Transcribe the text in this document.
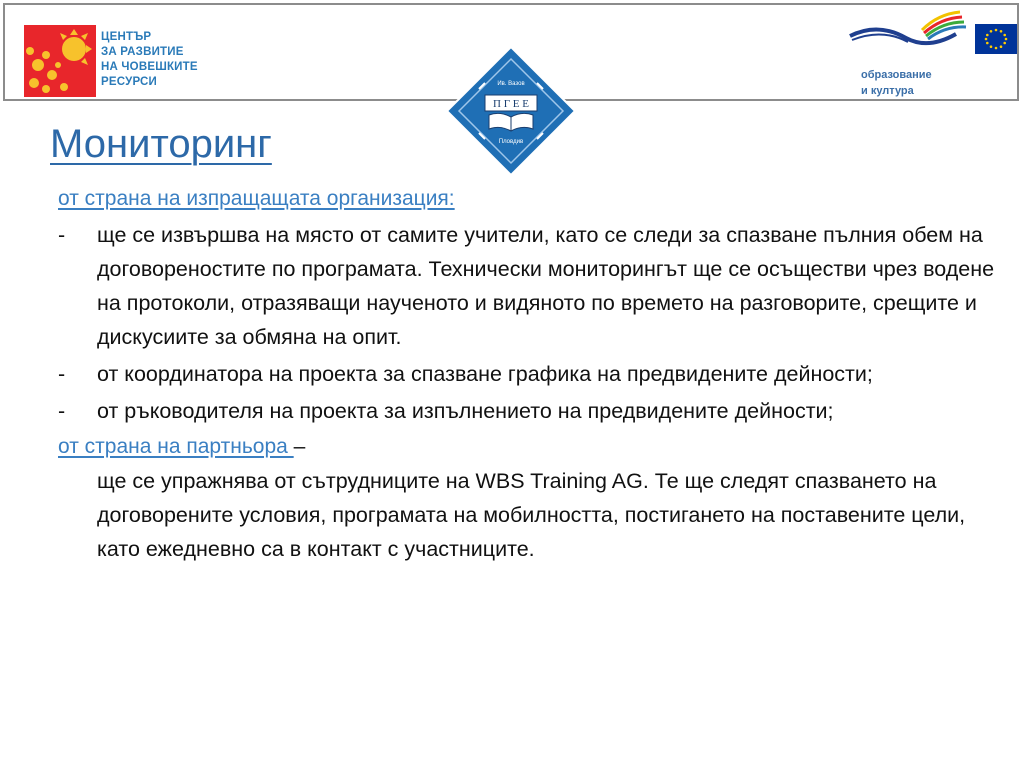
ЦЕНТЪР
ЗА РАЗВИТИЕ
НА ЧОВЕШКИТЕ
РЕСУРСИ	Ив. Вазов
П Г Е Е
Пловдив
образование
и култура
Мониторинг
от страна на изпращащата организация:
- ще се извършва на място от самите учители, като се следи за спазване пълния обем на договореностите по програмата. Технически мониторингът ще се осъществи чрез водене на протоколи, отразяващи наученото и видяното по времето на разговорите, срещите и дискусиите за обмяна на опит.
- от координатора на проекта за спазване графика на предвидените дейности;
- от ръководителя на проекта за изпълнението на предвидените дейности;
от страна на партньора –
ще се упражнява от сътрудниците на WBS Training AG. Те ще следят спазването на договорените условия, програмата на мобилността, постигането на поставените цели, като ежедневно са в контакт с участниците.
